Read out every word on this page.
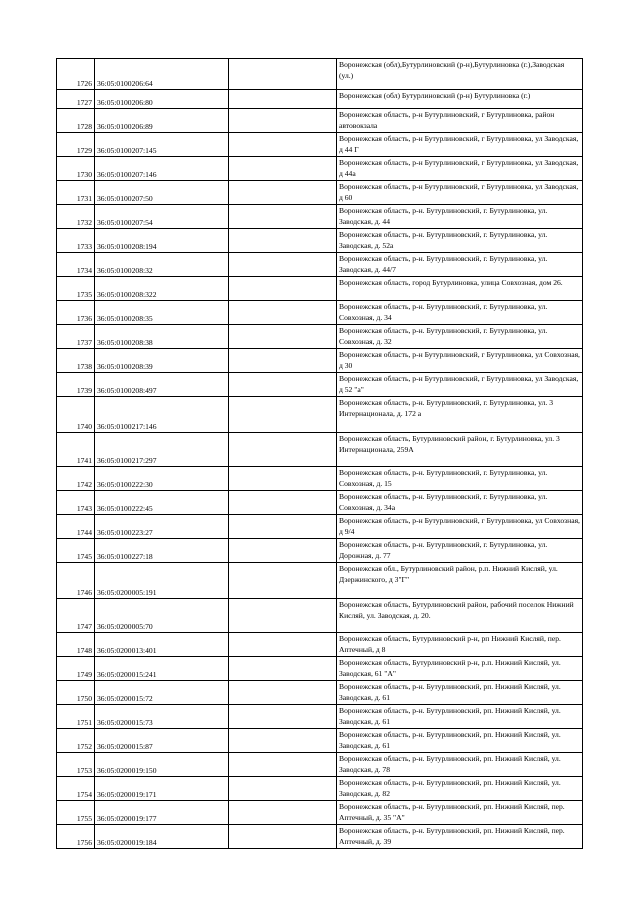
1726	36:05:0100206:64		Воронежская (обл),Бутурлиновский (р-н),Бутурлиновка (г.),Заводская (ул.)
1727	36:05:0100206:80		Воронежская (обл) Бутурлиновский (р-н) Бутурлиновка (г.)
1728	36:05:0100206:89		Воронежская область, р-н Бутурлиновский, г Бутурлиновка, район автовокзала
1729	36:05:0100207:145		Воронежская область, р-н Бутурлиновский, г Бутурлиновка, ул Заводская, д 44 Г
1730	36:05:0100207:146		Воронежская область, р-н Бутурлиновский, г Бутурлиновка, ул Заводская, д 44а
1731	36:05:0100207:50		Воронежская область, р-н Бутурлиновский, г Бутурлиновка, ул Заводская, д 60
1732	36:05:0100207:54		Воронежская область, р-н. Бутурлиновский, г. Бутурлиновка, ул. Заводская, д. 44
1733	36:05:0100208:194		Воронежская область, р-н. Бутурлиновский, г. Бутурлиновка, ул. Заводская, д. 52а
1734	36:05:0100208:32		Воронежская область, р-н. Бутурлиновский, г. Бутурлиновка, ул. Заводская, д. 44/7
1735	36:05:0100208:322		Воронежская область, город Бутурлиновка, улица Совхозная, дом 26.
1736	36:05:0100208:35		Воронежская область, р-н. Бутурлиновский, г. Бутурлиновка, ул. Совхозная, д. 34
1737	36:05:0100208:38		Воронежская область, р-н. Бутурлиновский, г. Бутурлиновка, ул. Совхозная, д. 32
1738	36:05:0100208:39		Воронежская область, р-н Бутурлиновский, г Бутурлиновка, ул Совхозная, д 30
1739	36:05:0100208:497		Воронежская область, р-н Бутурлиновский, г Бутурлиновка, ул Заводская, д 52 "а"
1740	36:05:0100217:146		Воронежская область, р-н. Бутурлиновский, г. Бутурлиновка, ул. 3 Интернационала, д. 172 а
1741	36:05:0100217:297		Воронежская область, Бутурлиновский район, г. Бутурлиновка, ул. 3 Интернационала, 259А
1742	36:05:0100222:30		Воронежская область, р-н. Бутурлиновский, г. Бутурлиновка, ул. Совхозная, д. 15
1743	36:05:0100222:45		Воронежская область, р-н. Бутурлиновский, г. Бутурлиновка, ул. Совхозная, д. 34а
1744	36:05:0100223:27		Воронежская область, р-н Бутурлиновский, г Бутурлиновка, ул Совхозная, д 9/4
1745	36:05:0100227:18		Воронежская область, р-н. Бутурлиновский, г. Бутурлиновка, ул. Дорожная, д. 77
1746	36:05:0200005:191		Воронежская обл., Бутурлиновский район, р.п. Нижний Кисляй, ул. Дзержинского, д 3"Г"
1747	36:05:0200005:70		Воронежская область, Бутурлиновский район, рабочий поселок Нижний Кисляй, ул. Заводская, д. 20.
1748	36:05:0200013:401		Воронежская область, Бутурлиновский р-н, рп Нижний Кисляй, пер. Аптечный, д 8
1749	36:05:0200015:241		Воронежская область, Бутурлиновский р-н, р.п. Нижний Кисляй, ул. Заводская, 61 "А"
1750	36:05:0200015:72		Воронежская область, р-н. Бутурлиновский, рп. Нижний Кисляй, ул. Заводская, д. 61
1751	36:05:0200015:73		Воронежская область, р-н. Бутурлиновский, рп. Нижний Кисляй, ул. Заводская, д. 61
1752	36:05:0200015:87		Воронежская область, р-н. Бутурлиновский, рп. Нижний Кисляй, ул. Заводская, д. 61
1753	36:05:0200019:150		Воронежская область, р-н. Бутурлиновский, рп. Нижний Кисляй, ул. Заводская, д. 78
1754	36:05:0200019:171		Воронежская область, р-н. Бутурлиновский, рп. Нижний Кисляй, ул. Заводская, д. 82
1755	36:05:0200019:177		Воронежская область, р-н. Бутурлиновский, рп. Нижний Кисляй, пер. Аптечный, д. 35 "А"
1756	36:05:0200019:184		Воронежская область, р-н. Бутурлиновский, рп. Нижний Кисляй, пер. Аптечный, д. 39
